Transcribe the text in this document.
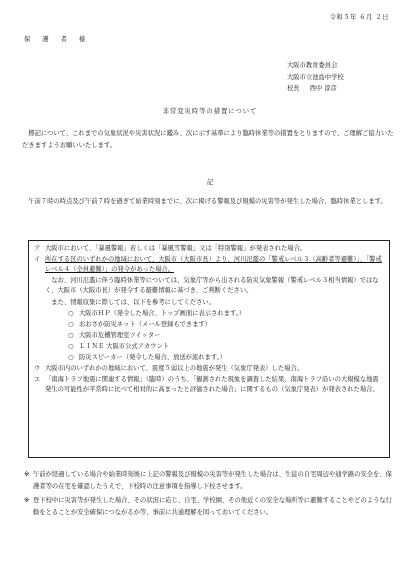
令和５年 ６月 ２日
保 護 者 様
大阪市教育委員会
大阪市立池島中学校
校長 西中 淳彦
非常変災時等の措置について
標記について、これまでの気象状況や災害状況に鑑み、次に示す基準により臨時休業等の措置をとりますので、ご理解ご協力いただきますようお願いいたします。
記
午前７時の時点及び午前７時を過ぎて始業時刻までに、次に掲げる警報及び規模の災害等が発生した場合、臨時休業とします。
ア 大阪市において、「暴風警報」若しくは「暴風雪警報」又は「特別警報」が発表された場合。
イ 所在する区のいずれかの地域において、大阪市（大阪市長）より、河川氾濫の「警戒レベル３（高齢者等避難）」、「警戒レベル４（全員避難）」の発令があった場合。
なお、河川氾濫に伴う臨時休業等については、気象庁等から出される防災気象警報（警戒レベル３相当情報）ではなく、大阪市（大阪市長）が発令する避難情報に基づき、ご判断ください。
また、情報収集に際しては、以下を参考にしてください。
○ 大阪市ＨＰ（発令した場合、トップ画面に表示されます。）
○ おおさか防災ネット（メール登録もできます）
○ 大阪市危機管理室ツイッター
○ ＬＩＮＥ 大阪市公式アカウント
○ 防災スピーカー（発令した場合、放送が流れます。）
ウ 大阪市内のいずれかの地域において、震度５弱以上の地震が発生（気象庁発表）した場合。
エ 「南海トラフ地震に関連する情報」（臨時）のうち、「観測された現象を調査した結果、南海トラフ沿いの大規模な地震発生の可能性が平常時に比べて相対的に高まったと評価された場合」に関するもの（気象庁発表）が発表された場合。
※ 午前が経過している場合や始業時刻後に上記の警報及び規模の災害等が発生した場合は、生徒の自宅周辺や通学路の安全を、保護者等の在宅を確認したうえで、下校時の注意事項を指導し下校させます。
※ 登下校中に災害等が発生した場合、その状況に応じ、自宅、学校園、その他近くの安全な場所等に避難することやどのような行動をとることが安全確保につながるか等、事前に共通理解を図っておいてください。
